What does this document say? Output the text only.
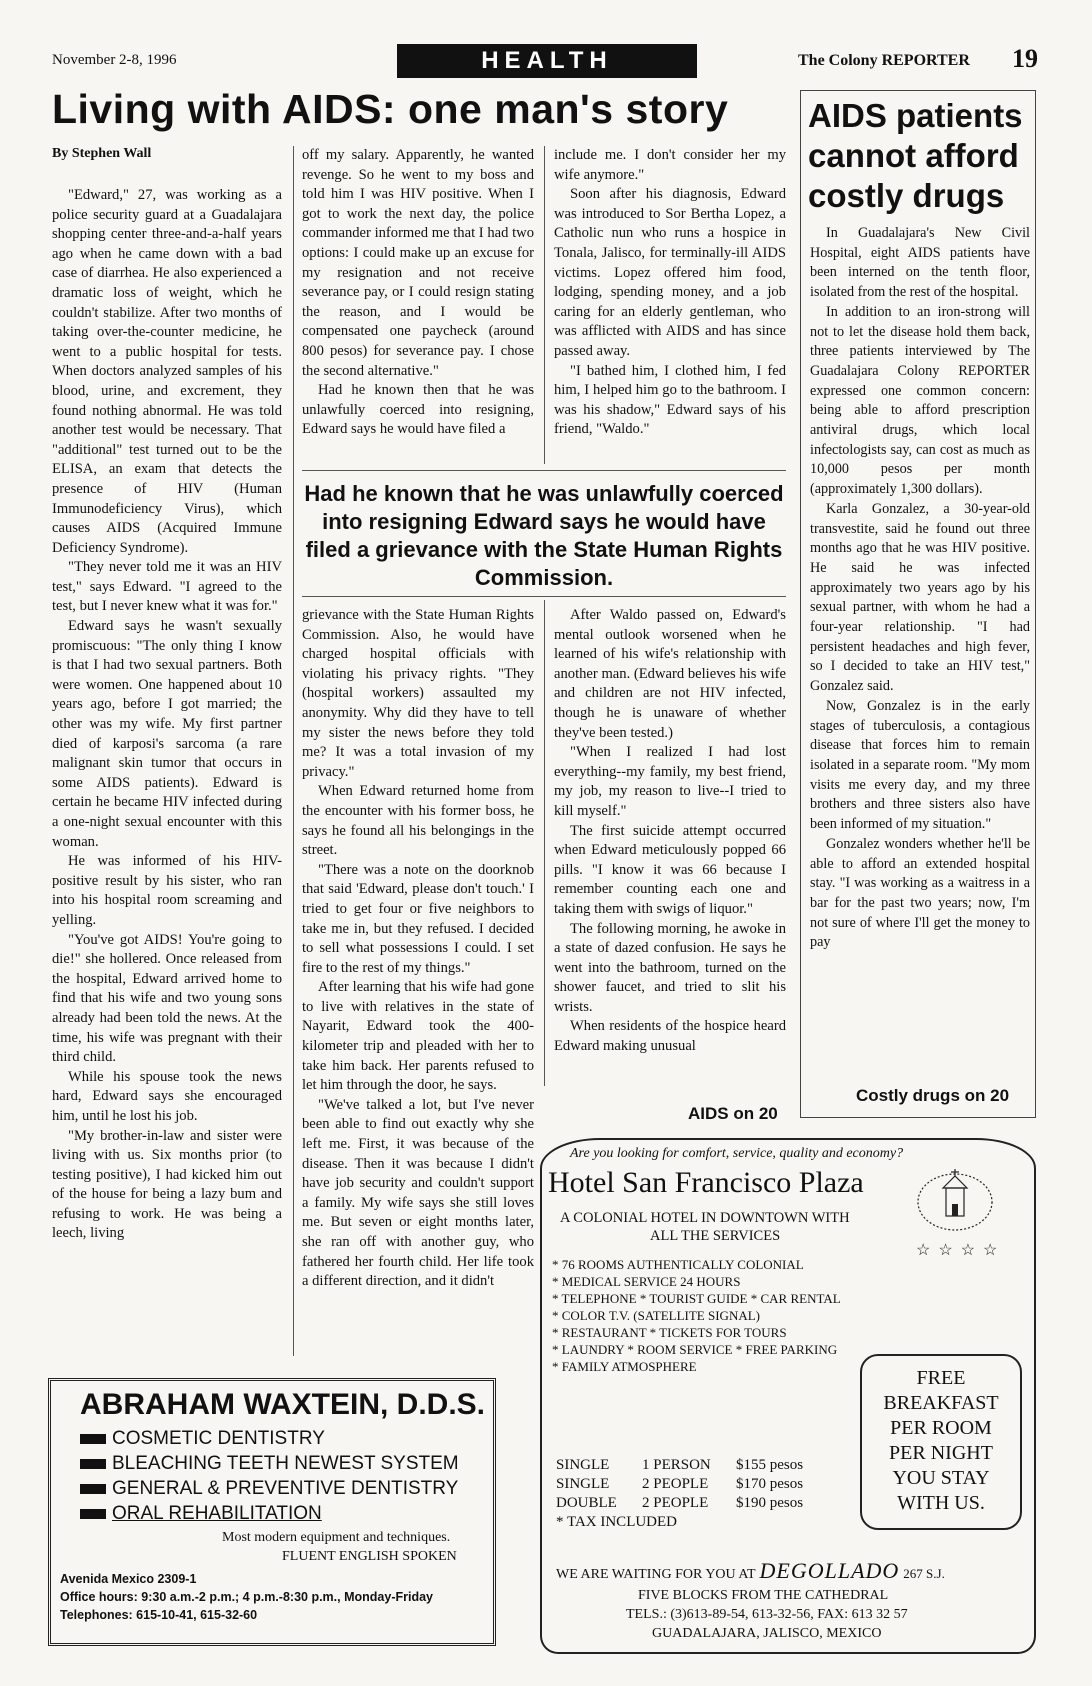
November 2-8, 1996	HEALTH	The Colony REPORTER 19
Living with AIDS: one man's story
By Stephen Wall

"Edward," 27, was working as a police security guard at a Guadalajara shopping center three-and-a-half years ago when he came down with a bad case of diarrhea. He also experienced a dramatic loss of weight, which he couldn't stabilize. After two months of taking over-the-counter medicine, he went to a public hospital for tests. When doctors analyzed samples of his blood, urine, and excrement, they found nothing abnormal. He was told another test would be necessary. That "additional" test turned out to be the ELISA, an exam that detects the presence of HIV (Human Immunodeficiency Virus), which causes AIDS (Acquired Immune Deficiency Syndrome).

"They never told me it was an HIV test," says Edward. "I agreed to the test, but I never knew what it was for."

Edward says he wasn't sexually promiscuous: "The only thing I know is that I had two sexual partners. Both were women. One happened about 10 years ago, before I got married; the other was my wife. My first partner died of karposi's sarcoma (a rare malignant skin tumor that occurs in some AIDS patients). Edward is certain he became HIV infected during a one-night sexual encounter with this woman.

He was informed of his HIV-positive result by his sister, who ran into his hospital room screaming and yelling.

"You've got AIDS! You're going to die!" she hollered. Once released from the hospital, Edward arrived home to find that his wife and two young sons already had been told the news. At the time, his wife was pregnant with their third child.

While his spouse took the news hard, Edward says she encouraged him, until he lost his job.

"My brother-in-law and sister were living with us. Six months prior (to testing positive), I had kicked him out of the house for being a lazy bum and refusing to work. He was being a leech, living

off my salary. Apparently, he wanted revenge. So he went to my boss and told him I was HIV positive. When I got to work the next day, the police commander informed me that I had two options: I could make up an excuse for my resignation and not receive severance pay, or I could resign stating the reason, and I would be compensated one paycheck (around 800 pesos) for severance pay. I chose the second alternative."

Had he known then that he was unlawfully coerced into resigning, Edward says he would have filed a

include me. I don't consider her my wife anymore."

Soon after his diagnosis, Edward was introduced to Sor Bertha Lopez, a Catholic nun who runs a hospice in Tonala, Jalisco, for terminally-ill AIDS victims. Lopez offered him food, lodging, spending money, and a job caring for an elderly gentleman, who was afflicted with AIDS and has since passed away.

"I bathed him, I clothed him, I fed him, I helped him go to the bathroom. I was his shadow," Edward says of his friend, "Waldo."

Had he known that he was unlawfully coerced into resigning Edward says he would have filed a grievance with the State Human Rights Commission.

grievance with the State Human Rights Commission. Also, he would have charged hospital officials with violating his privacy rights. "They (hospital workers) assaulted my anonymity. Why did they have to tell my sister the news before they told me? It was a total invasion of my privacy."

When Edward returned home from the encounter with his former boss, he says he found all his belongings in the street.

"There was a note on the doorknob that said 'Edward, please don't touch.' I tried to get four or five neighbors to take me in, but they refused. I decided to sell what possessions I could. I set fire to the rest of my things."

After learning that his wife had gone to live with relatives in the state of Nayarit, Edward took the 400-kilometer trip and pleaded with her to take him back. Her parents refused to let him through the door, he says.

"We've talked a lot, but I've never been able to find out exactly why she left me. First, it was because of the disease. Then it was because I didn't have job security and couldn't support a family. My wife says she still loves me. But seven or eight months later, she ran off with another guy, who fathered her fourth child. Her life took a different direction, and it didn't

After Waldo passed on, Edward's mental outlook worsened when he learned of his wife's relationship with another man. (Edward believes his wife and children are not HIV infected, though he is unaware of whether they've been tested.)

"When I realized I had lost everything--my family, my best friend, my job, my reason to live--I tried to kill myself."

The first suicide attempt occurred when Edward meticulously popped 66 pills. "I know it was 66 because I remember counting each one and taking them with swigs of liquor."

The following morning, he awoke in a state of dazed confusion. He says he went into the bathroom, turned on the shower faucet, and tried to slit his wrists.

When residents of the hospice heard Edward making unusual

AIDS on 20
AIDS patients cannot afford costly drugs

In Guadalajara's New Civil Hospital, eight AIDS patients have been interned on the tenth floor, isolated from the rest of the hospital.

In addition to an iron-strong will not to let the disease hold them back, three patients interviewed by The Guadalajara Colony REPORTER expressed one common concern: being able to afford prescription antiviral drugs, which local infectologists say, can cost as much as 10,000 pesos per month (approximately 1,300 dollars).

Karla Gonzalez, a 30-year-old transvestite, said he found out three months ago that he was HIV positive. He said he was infected approximately two years ago by his sexual partner, with whom he had a four-year relationship. "I had persistent headaches and high fever, so I decided to take an HIV test," Gonzalez said.

Now, Gonzalez is in the early stages of tuberculosis, a contagious disease that forces him to remain isolated in a separate room. "My mom visits me every day, and my three brothers and three sisters also have been informed of my situation."

Gonzalez wonders whether he'll be able to afford an extended hospital stay. "I was working as a waitress in a bar for the past two years; now, I'm not sure of where I'll get the money to pay

Costly drugs on 20
ABRAHAM WAXTEIN, D.D.S.
COSMETIC DENTISTRY
BLEACHING TEETH NEWEST SYSTEM
GENERAL & PREVENTIVE DENTISTRY
ORAL REHABILITATION
Most modern equipment and techniques.
FLUENT ENGLISH SPOKEN
Avenida Mexico 2309-1
Office hours: 9:30 a.m.-2 p.m.; 4 p.m.-8:30 p.m., Monday-Friday
Telephones: 615-10-41, 615-32-60
Are you looking for comfort, service, quality and economy?
Hotel San Francisco Plaza
A COLONIAL HOTEL IN DOWNTOWN WITH
ALL THE SERVICES
☆ ☆ ☆ ☆
* 76 ROOMS AUTHENTICALLY COLONIAL
* MEDICAL SERVICE 24 HOURS
* TELEPHONE * TOURIST GUIDE * CAR RENTAL
* COLOR T.V. (SATELLITE SIGNAL)
* RESTAURANT * TICKETS FOR TOURS
* LAUNDRY * ROOM SERVICE * FREE PARKING
* FAMILY ATMOSPHERE
SINGLE 1 PERSON $155 pesos
SINGLE 2 PEOPLE $170 pesos
DOUBLE 2 PEOPLE $190 pesos
* TAX INCLUDED
FREE
BREAKFAST
PER ROOM
PER NIGHT
YOU STAY
WITH US.
WE ARE WAITING FOR YOU AT DEGOLLADO 267 S.J.
FIVE BLOCKS FROM THE CATHEDRAL
TELS.: (3)613-89-54, 613-32-56, FAX: 613 32 57
GUADALAJARA, JALISCO, MEXICO
